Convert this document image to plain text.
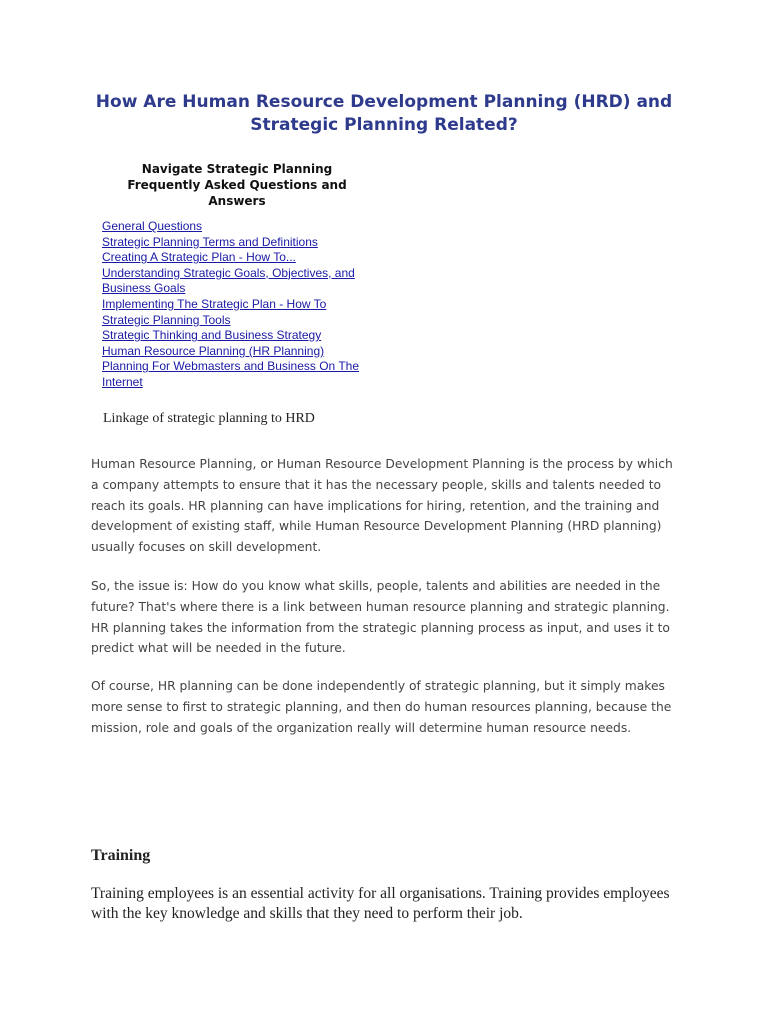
How Are Human Resource Development Planning (HRD) and Strategic Planning Related?
Navigate Strategic Planning Frequently Asked Questions and Answers
General Questions
Strategic Planning Terms and Definitions
Creating A Strategic Plan - How To...
Understanding Strategic Goals, Objectives, and Business Goals
Implementing The Strategic Plan - How To
Strategic Planning Tools
Strategic Thinking and Business Strategy
Human Resource Planning (HR Planning)
Planning For Webmasters and Business On The Internet

Linkage of strategic planning to HRD

Human Resource Planning, or Human Resource Development Planning is the process by which a company attempts to ensure that it has the necessary people, skills and talents needed to reach its goals. HR planning can have implications for hiring, retention, and the training and development of existing staff, while Human Resource Development Planning (HRD planning) usually focuses on skill development.

So, the issue is: How do you know what skills, people, talents and abilities are needed in the future? That's where there is a link between human resource planning and strategic planning. HR planning takes the information from the strategic planning process as input, and uses it to predict what will be needed in the future.

Of course, HR planning can be done independently of strategic planning, but it simply makes more sense to first to strategic planning, and then do human resources planning, because the mission, role and goals of the organization really will determine human resource needs.

Training

Training employees is an essential activity for all organisations. Training provides employees with the key knowledge and skills that they need to perform their job.
